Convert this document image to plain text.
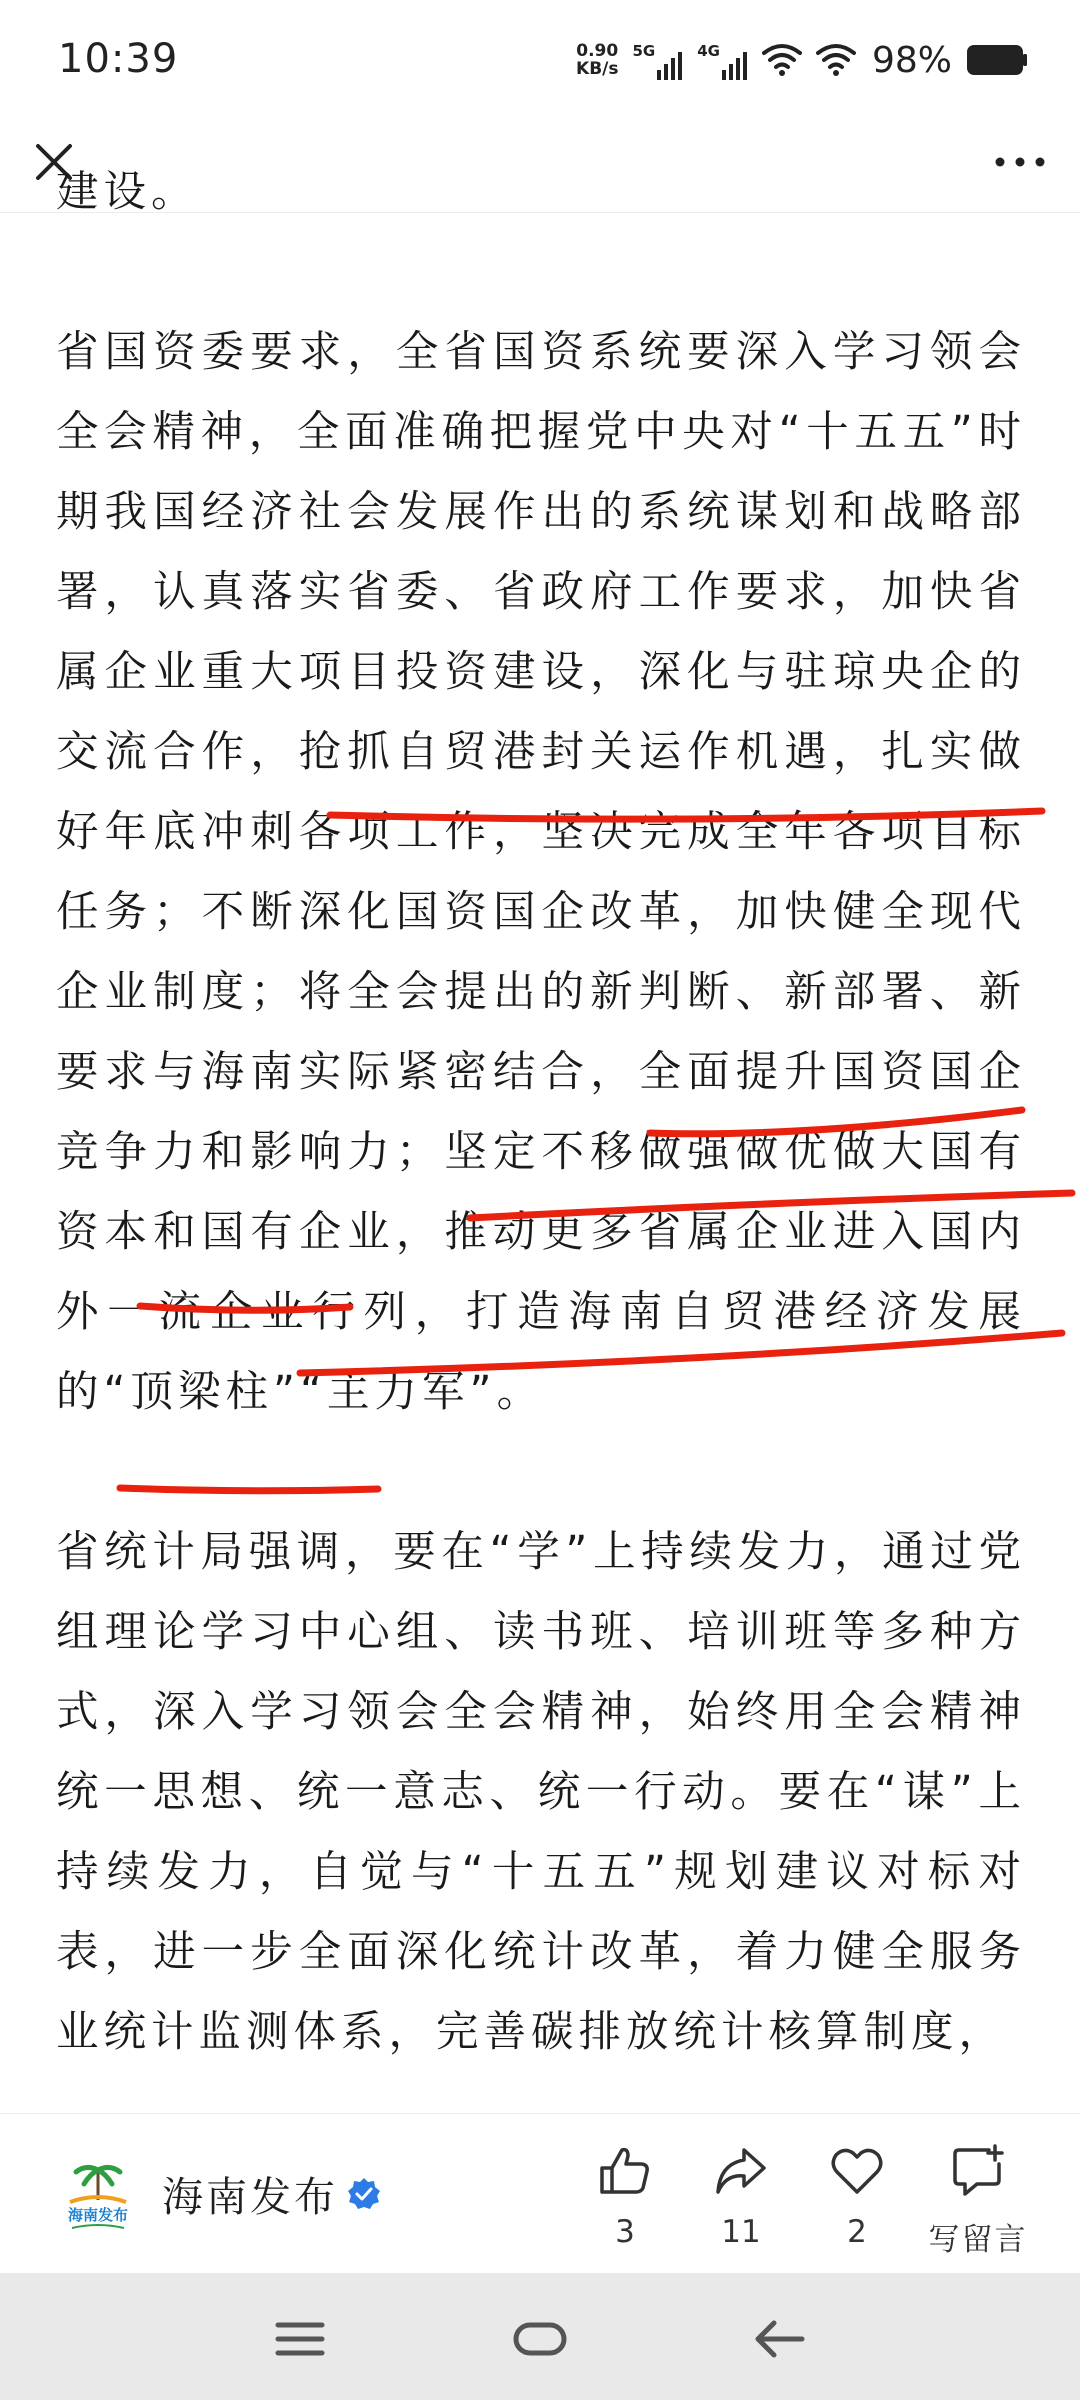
10:39	0.90
KB/s
5G	4G	98%

建设。

省国资委要求，全省国资系统要深入学习领会全会精神，全面准确把握党中央对“十五五”时期我国经济社会发展作出的系统谋划和战略部署，认真落实省委、省政府工作要求，加快省属企业重大项目投资建设，深化与驻琼央企的交流合作，抢抓自贸港封关运作机遇，扎实做好年底冲刺各项工作，坚决完成全年各项目标任务；不断深化国资国企改革，加快健全现代企业制度；将全会提出的新判断、新部署、新要求与海南实际紧密结合，全面提升国资国企竞争力和影响力；坚定不移做强做优做大国有资本和国有企业，推动更多省属企业进入国内外一流企业行列，打造海南自贸港经济发展的“顶梁柱”“主力军”。

省统计局强调，要在“学”上持续发力，通过党组理论学习中心组、读书班、培训班等多种方式，深入学习领会全会精神，始终用全会精神统一思想、统一意志、统一行动。要在“谋”上持续发力，自觉与“十五五”规划建议对标对表，进一步全面深化统计改革，着力健全服务业统计监测体系，完善碳排放统计核算制度，

海南发布 海南发布
3	11	2	写留言
